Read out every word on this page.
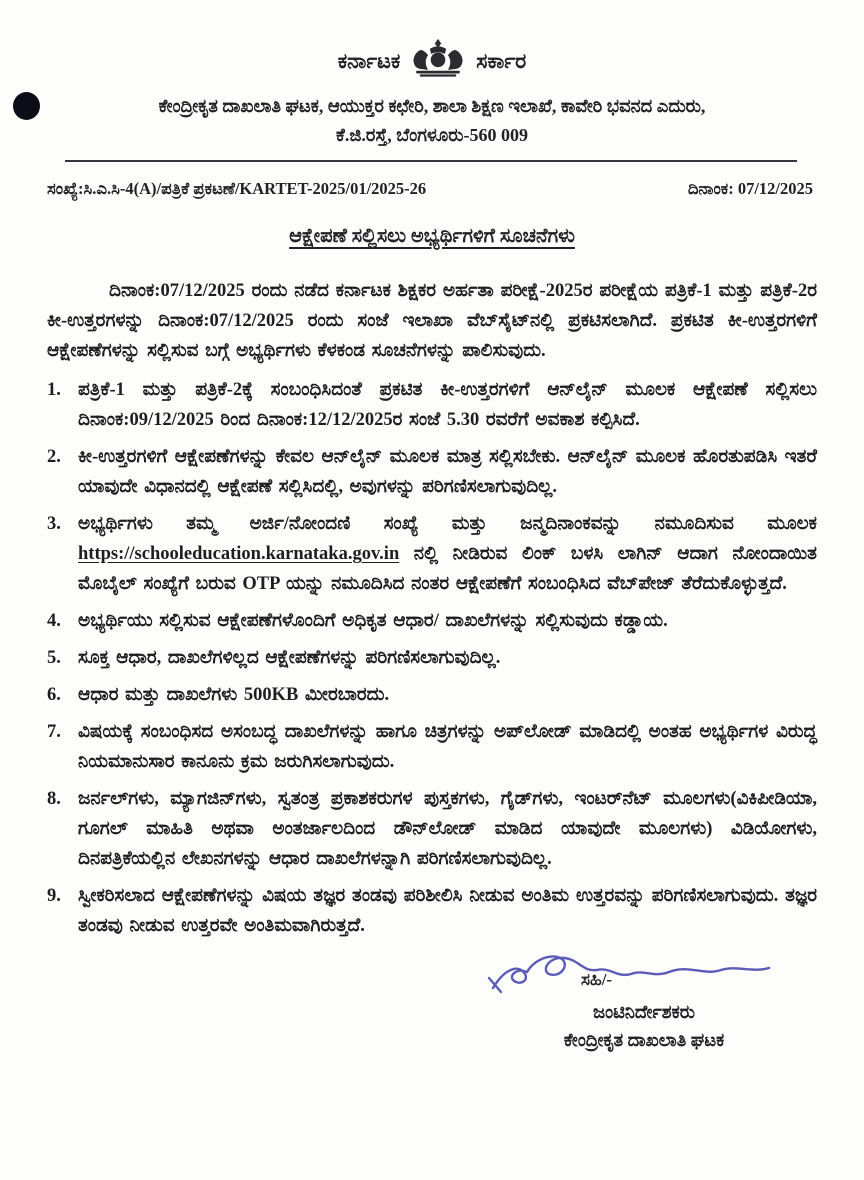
ಕರ್ನಾಟಕ	ಸರ್ಕಾರ
ಕೇಂದ್ರೀಕೃತ ದಾಖಲಾತಿ ಘಟಕ, ಆಯುಕ್ತರ ಕಛೇರಿ, ಶಾಲಾ ಶಿಕ್ಷಣ ಇಲಾಖೆ, ಕಾವೇರಿ ಭವನದ ಎದುರು,
ಕೆ.ಜಿ.ರಸ್ತೆ, ಬೆಂಗಳೂರು-560 009
ಸಂಖ್ಯೆ:ಸಿ.ಎ.ಸಿ-4(A)/ಪತ್ರಿಕೆ ಪ್ರಕಟಣೆ/KARTET-2025/01/2025-26	ದಿನಾಂಕ: 07/12/2025
ಆಕ್ಷೇಪಣೆ ಸಲ್ಲಿಸಲು ಅಭ್ಯರ್ಥಿಗಳಿಗೆ ಸೂಚನೆಗಳು

ದಿನಾಂಕ:07/12/2025 ರಂದು ನಡೆದ ಕರ್ನಾಟಕ ಶಿಕ್ಷಕರ ಅರ್ಹತಾ ಪರೀಕ್ಷೆ-2025ರ ಪರೀಕ್ಷೆಯ ಪತ್ರಿಕೆ-1 ಮತ್ತು ಪತ್ರಿಕೆ-2ರ ಕೀ-ಉತ್ತರಗಳನ್ನು ದಿನಾಂಕ:07/12/2025 ರಂದು ಸಂಜೆ ಇಲಾಖಾ ವೆಬ್‌ಸೈಟ್‌ನಲ್ಲಿ ಪ್ರಕಟಿಸಲಾಗಿದೆ. ಪ್ರಕಟಿತ ಕೀ-ಉತ್ತರಗಳಿಗೆ ಆಕ್ಷೇಪಣೆಗಳನ್ನು ಸಲ್ಲಿಸುವ ಬಗ್ಗೆ ಅಭ್ಯರ್ಥಿಗಳು ಕೆಳಕಂಡ ಸೂಚನೆಗಳನ್ನು ಪಾಲಿಸುವುದು.

1. ಪತ್ರಿಕೆ-1 ಮತ್ತು ಪತ್ರಿಕೆ-2ಕ್ಕೆ ಸಂಬಂಧಿಸಿದಂತೆ ಪ್ರಕಟಿತ ಕೀ-ಉತ್ತರಗಳಿಗೆ ಆನ್‌ಲೈನ್ ಮೂಲಕ ಆಕ್ಷೇಪಣೆ ಸಲ್ಲಿಸಲು ದಿನಾಂಕ:09/12/2025 ರಿಂದ ದಿನಾಂಕ:12/12/2025ರ ಸಂಜೆ 5.30 ರವರೆಗೆ ಅವಕಾಶ ಕಲ್ಪಿಸಿದೆ.
2. ಕೀ-ಉತ್ತರಗಳಿಗೆ ಆಕ್ಷೇಪಣೆಗಳನ್ನು ಕೇವಲ ಆನ್‌ಲೈನ್ ಮೂಲಕ ಮಾತ್ರ ಸಲ್ಲಿಸಬೇಕು. ಆನ್‌ಲೈನ್ ಮೂಲಕ ಹೊರತುಪಡಿಸಿ ಇತರೆ ಯಾವುದೇ ವಿಧಾನದಲ್ಲಿ ಆಕ್ಷೇಪಣೆ ಸಲ್ಲಿಸಿದಲ್ಲಿ, ಅವುಗಳನ್ನು ಪರಿಗಣಿಸಲಾಗುವುದಿಲ್ಲ.
3. ಅಭ್ಯರ್ಥಿಗಳು ತಮ್ಮ ಅರ್ಜಿ/ನೋಂದಣಿ ಸಂಖ್ಯೆ ಮತ್ತು ಜನ್ಮದಿನಾಂಕವನ್ನು ನಮೂದಿಸುವ ಮೂಲಕ https://schooleducation.karnataka.gov.in ನಲ್ಲಿ ನೀಡಿರುವ ಲಿಂಕ್ ಬಳಸಿ ಲಾಗಿನ್ ಆದಾಗ ನೋಂದಾಯಿತ ಮೊಬೈಲ್ ಸಂಖ್ಯೆಗೆ ಬರುವ OTP ಯನ್ನು ನಮೂದಿಸಿದ ನಂತರ ಆಕ್ಷೇಪಣೆಗೆ ಸಂಬಂಧಿಸಿದ ವೆಬ್‌ಪೇಜ್ ತೆರೆದುಕೊಳ್ಳುತ್ತದೆ.
4. ಅಭ್ಯರ್ಥಿಯು ಸಲ್ಲಿಸುವ ಆಕ್ಷೇಪಣೆಗಳೊಂದಿಗೆ ಅಧಿಕೃತ ಆಧಾರ/ ದಾಖಲೆಗಳನ್ನು ಸಲ್ಲಿಸುವುದು ಕಡ್ಡಾಯ.
5. ಸೂಕ್ತ ಆಧಾರ, ದಾಖಲೆಗಳಿಲ್ಲದ ಆಕ್ಷೇಪಣೆಗಳನ್ನು ಪರಿಗಣಿಸಲಾಗುವುದಿಲ್ಲ.
6. ಆಧಾರ ಮತ್ತು ದಾಖಲೆಗಳು 500KB ಮೀರಬಾರದು.
7. ವಿಷಯಕ್ಕೆ ಸಂಬಂಧಿಸದ ಅಸಂಬದ್ಧ ದಾಖಲೆಗಳನ್ನು ಹಾಗೂ ಚಿತ್ರಗಳನ್ನು ಅಪ್‌ಲೋಡ್ ಮಾಡಿದಲ್ಲಿ ಅಂತಹ ಅಭ್ಯರ್ಥಿಗಳ ವಿರುದ್ಧ ನಿಯಮಾನುಸಾರ ಕಾನೂನು ಕ್ರಮ ಜರುಗಿಸಲಾಗುವುದು.
8. ಜರ್ನಲ್‌ಗಳು, ಮ್ಯಾಗಜಿನ್‌ಗಳು, ಸ್ವತಂತ್ರ ಪ್ರಕಾಶಕರುಗಳ ಪುಸ್ತಕಗಳು, ಗೈಡ್‌ಗಳು, ಇಂಟರ್‌ನೆಟ್‌ ಮೂಲಗಳು(ವಿಕಿಪೀಡಿಯಾ, ಗೂಗಲ್ ಮಾಹಿತಿ ಅಥವಾ ಅಂತರ್ಜಾಲದಿಂದ ಡೌನ್‌ಲೋಡ್ ಮಾಡಿದ ಯಾವುದೇ ಮೂಲಗಳು) ವಿಡಿಯೋಗಳು, ದಿನಪತ್ರಿಕೆಯಲ್ಲಿನ ಲೇಖನಗಳನ್ನು ಆಧಾರ ದಾಖಲೆಗಳನ್ನಾಗಿ ಪರಿಗಣಿಸಲಾಗುವುದಿಲ್ಲ.
9. ಸ್ವೀಕರಿಸಲಾದ ಆಕ್ಷೇಪಣೆಗಳನ್ನು ವಿಷಯ ತಜ್ಞರ ತಂಡವು ಪರಿಶೀಲಿಸಿ ನೀಡುವ ಅಂತಿಮ ಉತ್ತರವನ್ನು ಪರಿಗಣಿಸಲಾಗುವುದು. ತಜ್ಞರ ತಂಡವು ನೀಡುವ ಉತ್ತರವೇ ಅಂತಿಮವಾಗಿರುತ್ತದೆ.
ಸಹಿ/-
ಜಂಟಿನಿರ್ದೇಶಕರು
ಕೇಂದ್ರೀಕೃತ ದಾಖಲಾತಿ ಘಟಕ
